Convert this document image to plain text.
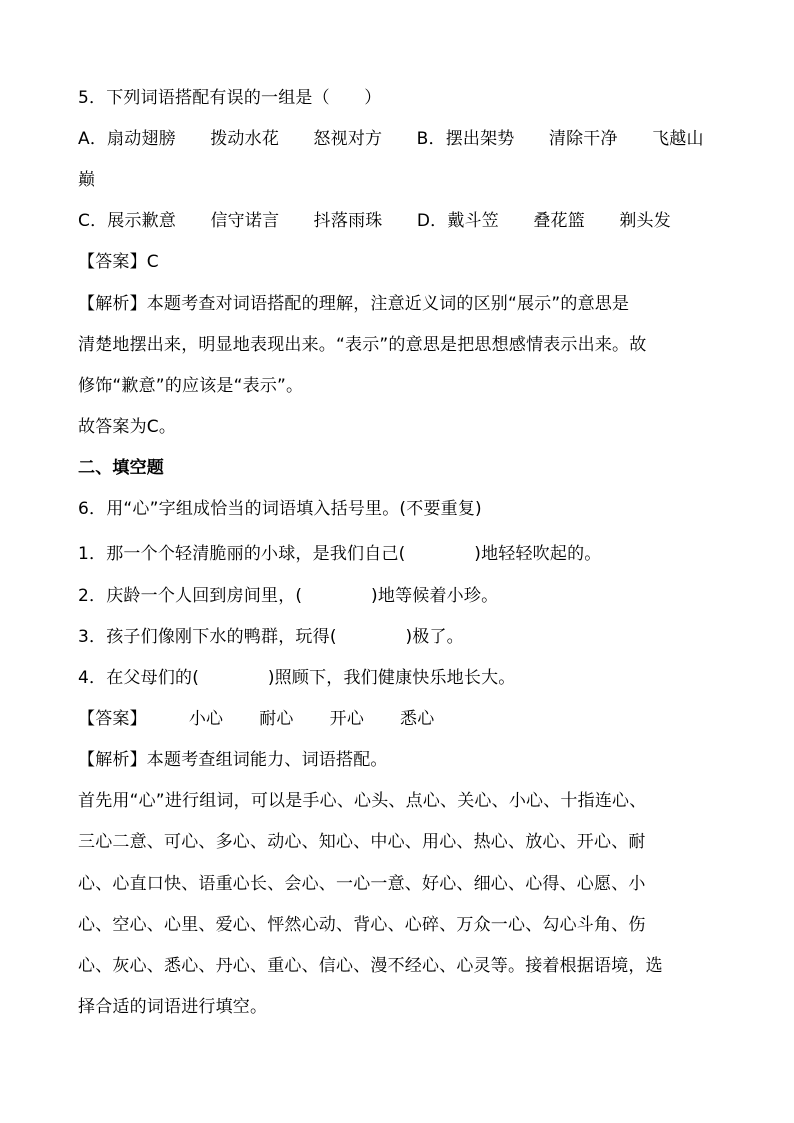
5．下列词语搭配有误的一组是（　　）
A．扇动翅膀　　拨动水花　　怒视对方　　B．摆出架势　　清除干净　　飞越山
巅
C．展示歉意　　信守诺言　　抖落雨珠　　D．戴斗笠　　叠花篮　　剃头发
【答案】C
【解析】本题考查对词语搭配的理解，注意近义词的区别“展示”的意思是
清楚地摆出来，明显地表现出来。“表示”的意思是把思想感情表示出来。故
修饰“歉意”的应该是“表示”。
故答案为C。
二、填空题
6．用“心”字组成恰当的词语填入括号里。(不要重复)
1．那一个个轻清脆丽的小球，是我们自己(　　　　)地轻轻吹起的。
2．庆龄一个人回到房间里，(　　　　)地等候着小珍。
3．孩子们像刚下水的鸭群，玩得(　　　　)极了。
4．在父母们的(　　　　)照顾下，我们健康快乐地长大。
【答案】 小心 耐心 开心 悉心
【解析】本题考查组词能力、词语搭配。
首先用“心”进行组词，可以是手心、心头、点心、关心、小心、十指连心、
三心二意、可心、多心、动心、知心、中心、用心、热心、放心、开心、耐
心、心直口快、语重心长、会心、一心一意、好心、细心、心得、心愿、小
心、空心、心里、爱心、怦然心动、背心、心碎、万众一心、勾心斗角、伤
心、灰心、悉心、丹心、重心、信心、漫不经心、心灵等。接着根据语境，选
择合适的词语进行填空。
